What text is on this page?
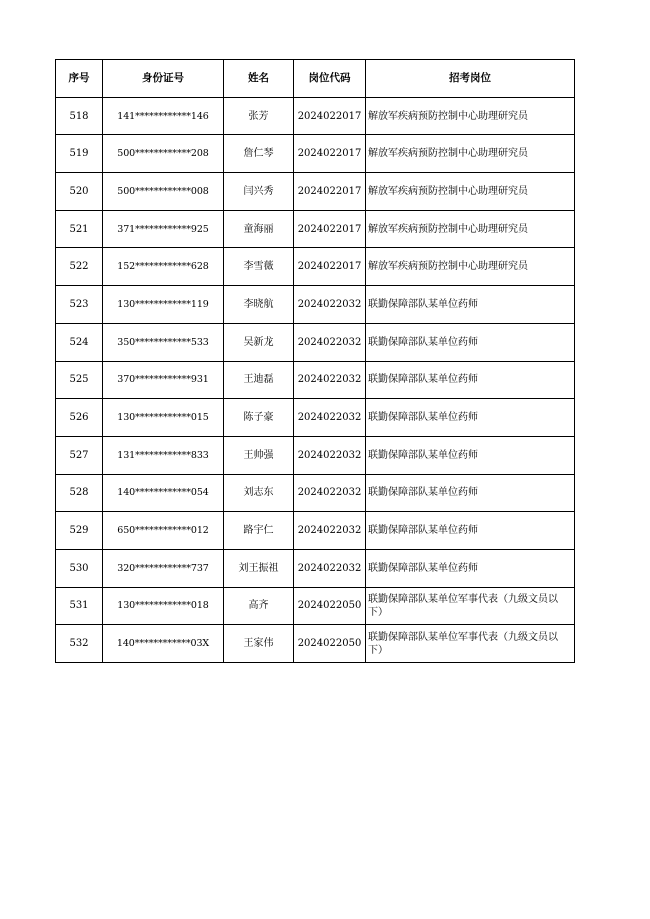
序号	身份证号	姓名	岗位代码	招考岗位
518	141************146	张芳	2024022017	解放军疾病预防控制中心助理研究员
519	500************208	詹仁琴	2024022017	解放军疾病预防控制中心助理研究员
520	500************008	闫兴秀	2024022017	解放军疾病预防控制中心助理研究员
521	371************925	童海丽	2024022017	解放军疾病预防控制中心助理研究员
522	152************628	李雪薇	2024022017	解放军疾病预防控制中心助理研究员
523	130************119	李晓航	2024022032	联勤保障部队某单位药师
524	350************533	吴新龙	2024022032	联勤保障部队某单位药师
525	370************931	王迪磊	2024022032	联勤保障部队某单位药师
526	130************015	陈子豪	2024022032	联勤保障部队某单位药师
527	131************833	王帅强	2024022032	联勤保障部队某单位药师
528	140************054	刘志东	2024022032	联勤保障部队某单位药师
529	650************012	路宇仁	2024022032	联勤保障部队某单位药师
530	320************737	刘王振祖	2024022032	联勤保障部队某单位药师
531	130************018	高齐	2024022050	联勤保障部队某单位军事代表（九级文员以下）
532	140************03X	王家伟	2024022050	联勤保障部队某单位军事代表（九级文员以下）
